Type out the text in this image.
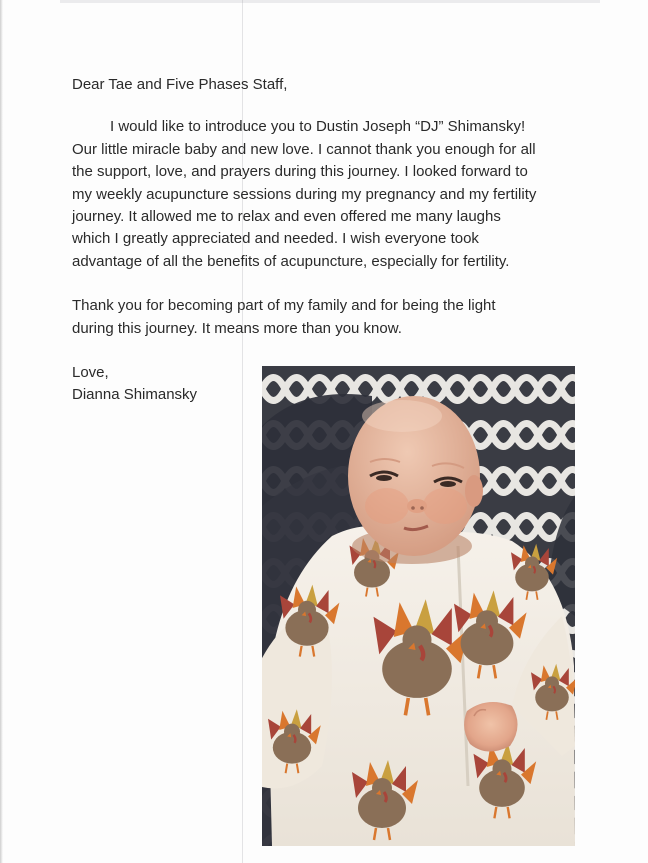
Dear Tae and Five Phases Staff,
I would like to introduce you to Dustin Joseph “DJ” Shimansky!
Our little miracle baby and new love. I cannot thank you enough for all
the support, love, and prayers during this journey. I looked forward to
my weekly acupuncture sessions during my pregnancy and my fertility
journey. It allowed me to relax and even offered me many laughs
which I greatly appreciated and needed. I wish everyone took
advantage of all the benefits of acupuncture, especially for fertility.
Thank you for becoming part of my family and for being the light
during this journey. It means more than you know.
Love,
Dianna Shimansky
